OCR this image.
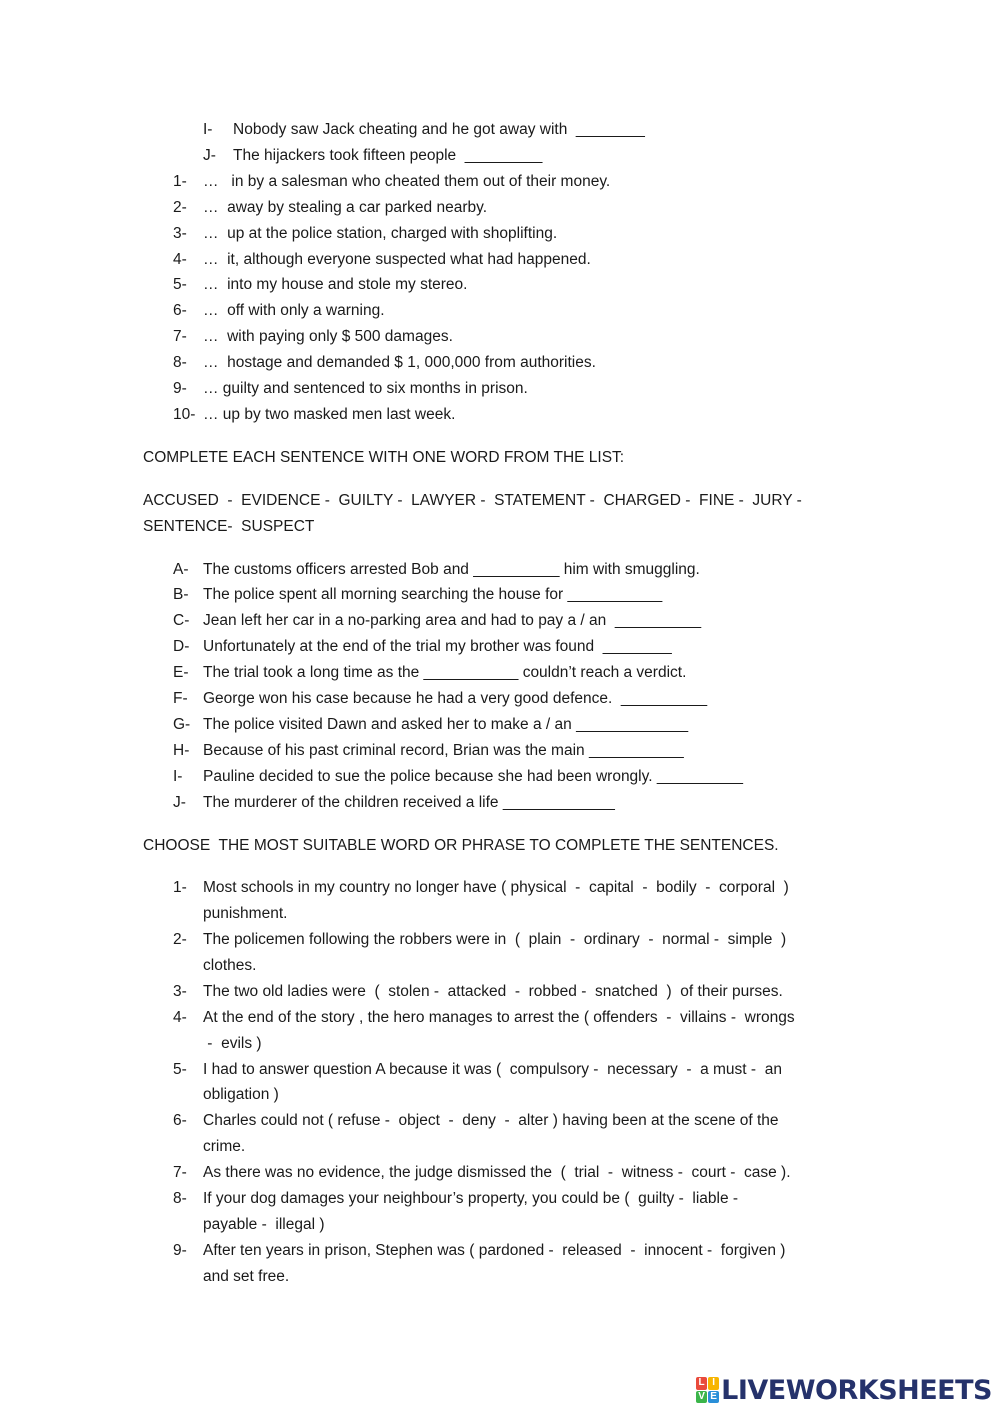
I- Nobody saw Jack cheating and he got away with  ________
J- The hijackers took fifteen people  _________
1- …   in by a salesman who cheated them out of their money.
2- …  away by stealing a car parked nearby.
3- …  up at the police station, charged with shoplifting.
4- …  it, although everyone suspected what had happened.
5- …  into my house and stole my stereo.
6- …  off with only a warning.
7- …  with paying only $ 500 damages.
8- …  hostage and demanded $ 1, 000,000 from authorities.
9- … guilty and sentenced to six months in prison.
10- … up by two masked men last week.
COMPLETE EACH SENTENCE WITH ONE WORD FROM THE LIST:
ACCUSED  -  EVIDENCE -  GUILTY -  LAWYER -  STATEMENT -  CHARGED -  FINE -  JURY -
SENTENCE-  SUSPECT
A- The customs officers arrested Bob and __________ him with smuggling.
B- The police spent all morning searching the house for ___________
C- Jean left her car in a no-parking area and had to pay a / an  __________
D- Unfortunately at the end of the trial my brother was found  ________
E- The trial took a long time as the ___________ couldn’t reach a verdict.
F- George won his case because he had a very good defence.  __________
G- The police visited Dawn and asked her to make a / an _____________
H- Because of his past criminal record, Brian was the main ___________
I- Pauline decided to sue the police because she had been wrongly. __________
J- The murderer of the children received a life _____________
CHOOSE  THE MOST SUITABLE WORD OR PHRASE TO COMPLETE THE SENTENCES.
1- Most schools in my country no longer have ( physical  -  capital  -  bodily  -  corporal  )
punishment.
2- The policemen following the robbers were in  (  plain  -  ordinary  -  normal -  simple  )
clothes.
3- The two old ladies were  (  stolen -  attacked  -  robbed -  snatched  )  of their purses.
4- At the end of the story , the hero manages to arrest the ( offenders  -  villains -  wrongs
-  evils )
5- I had to answer question A because it was (  compulsory -  necessary  -  a must -  an
obligation )
6- Charles could not ( refuse -  object  -  deny  -  alter ) having been at the scene of the
crime.
7- As there was no evidence, the judge dismissed the  (  trial  -  witness -  court -  case ).
8- If your dog damages your neighbour’s property, you could be (  guilty -  liable -
payable -  illegal )
9- After ten years in prison, Stephen was ( pardoned -  released  -  innocent -  forgiven )
and set free.
L I
V E LIVEWORKSHEETS
